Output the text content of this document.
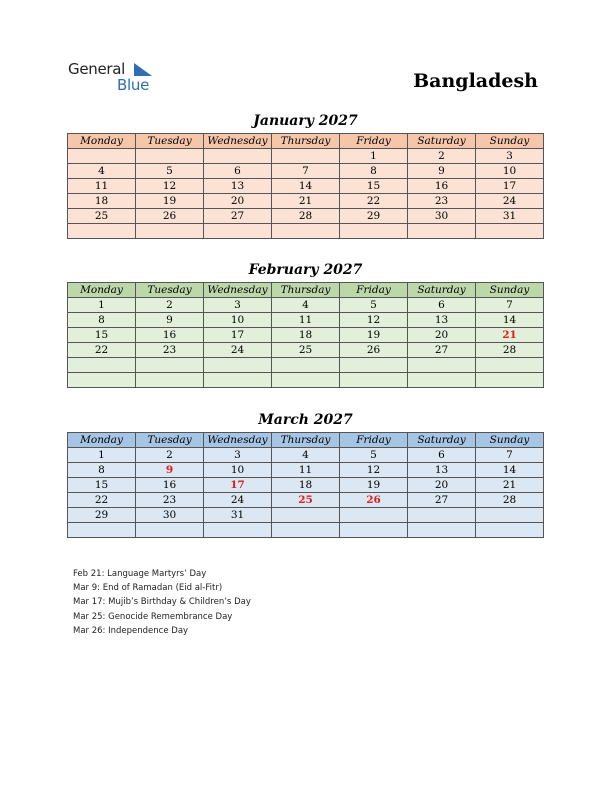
General
Blue	Bangladesh
January 2027
Monday	Tuesday	Wednesday	Thursday	Friday	Saturday	Sunday
				1	2	3
4	5	6	7	8	9	10
11	12	13	14	15	16	17
18	19	20	21	22	23	24
25	26	27	28	29	30	31

February 2027
Monday	Tuesday	Wednesday	Thursday	Friday	Saturday	Sunday
1	2	3	4	5	6	7
8	9	10	11	12	13	14
15	16	17	18	19	20	21
22	23	24	25	26	27	28

March 2027
Monday	Tuesday	Wednesday	Thursday	Friday	Saturday	Sunday
1	2	3	4	5	6	7
8	9	10	11	12	13	14
15	16	17	18	19	20	21
22	23	24	25	26	27	28
29	30	31				

Feb 21: Language Martyrs’ Day
Mar 9: End of Ramadan (Eid al-Fitr)
Mar 17: Mujib’s Birthday & Children’s Day
Mar 25: Genocide Remembrance Day
Mar 26: Independence Day
